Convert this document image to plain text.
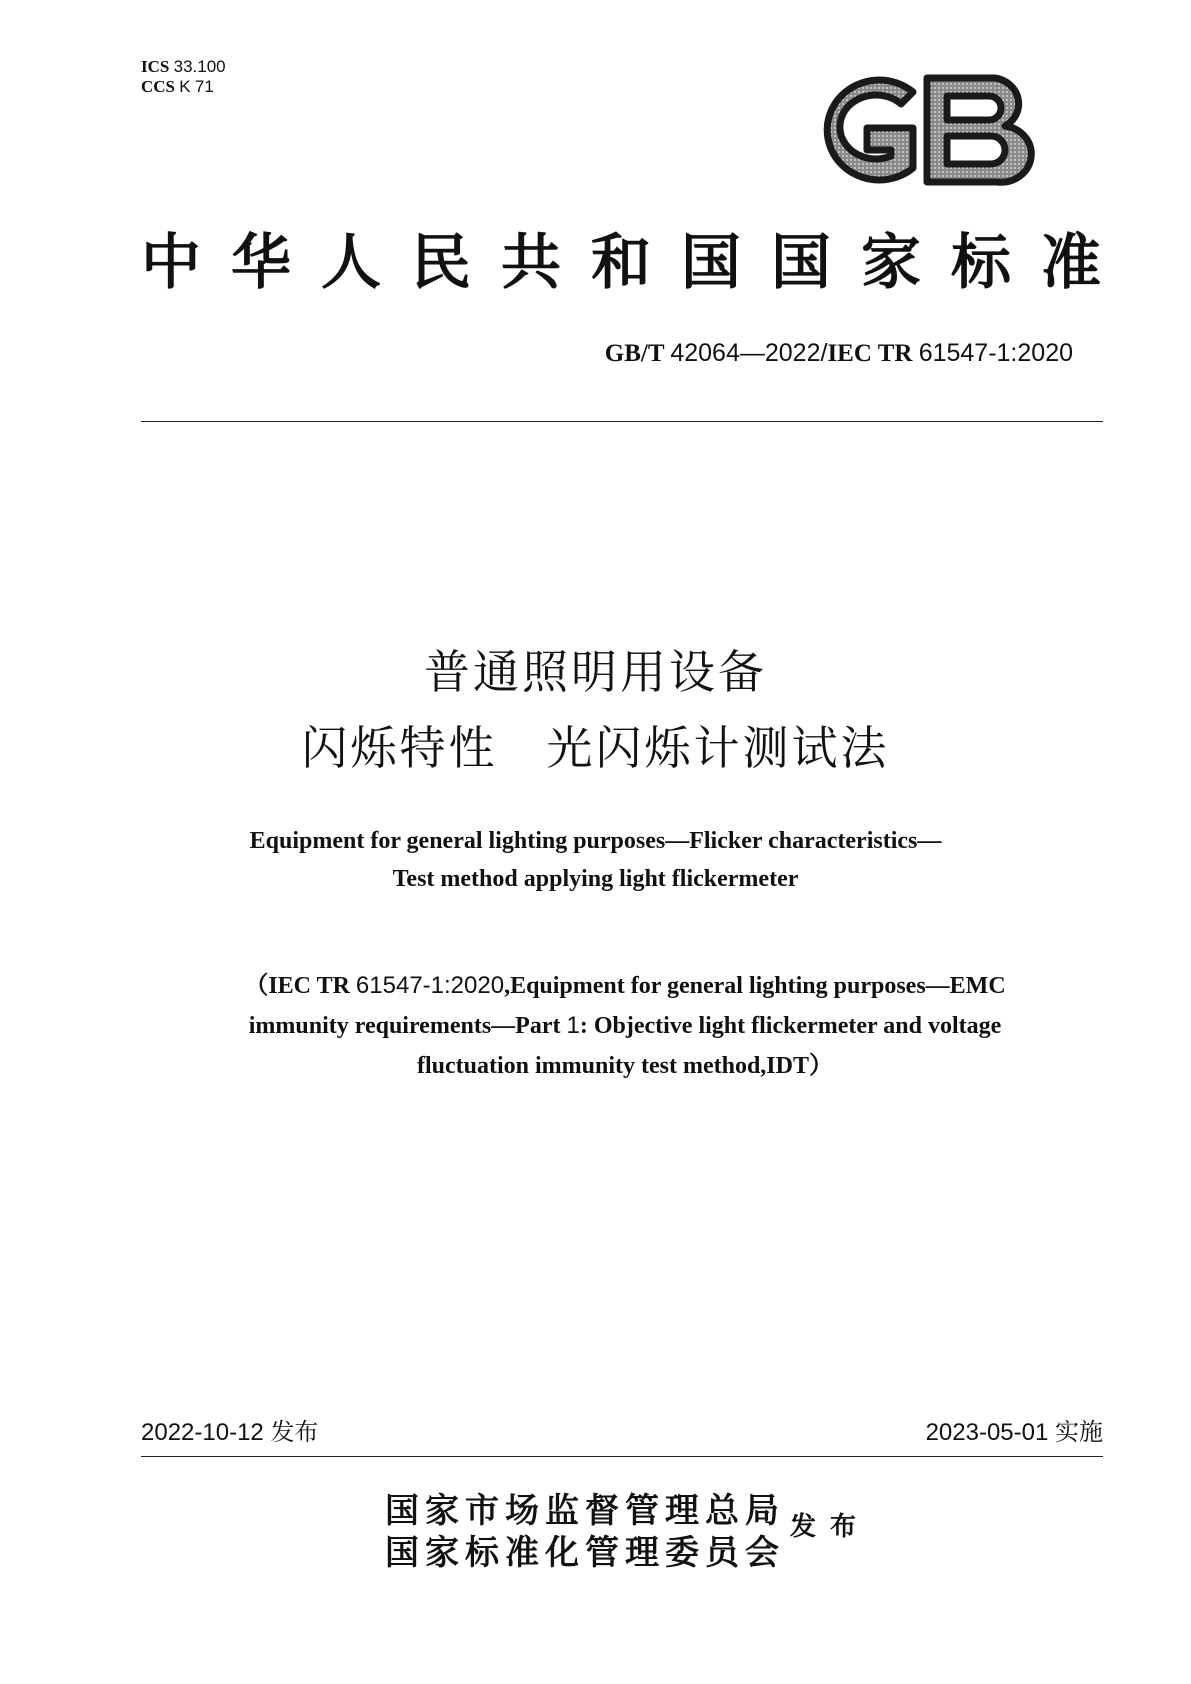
ICS 33.100
CCS K 71
中华人民共和国国家标准
GB/T 42064—2022/IEC TR 61547-1:2020
普通照明用设备
闪烁特性　光闪烁计测试法
Equipment for general lighting purposes—Flicker characteristics—
Test method applying light flickermeter
（IEC TR 61547-1:2020,Equipment for general lighting purposes—EMC
immunity requirements—Part 1: Objective light flickermeter and voltage
fluctuation immunity test method,IDT）
2022-10-12 发布	2023-05-01 实施
国家市场监督管理总局
国家标准化管理委员会
发布
